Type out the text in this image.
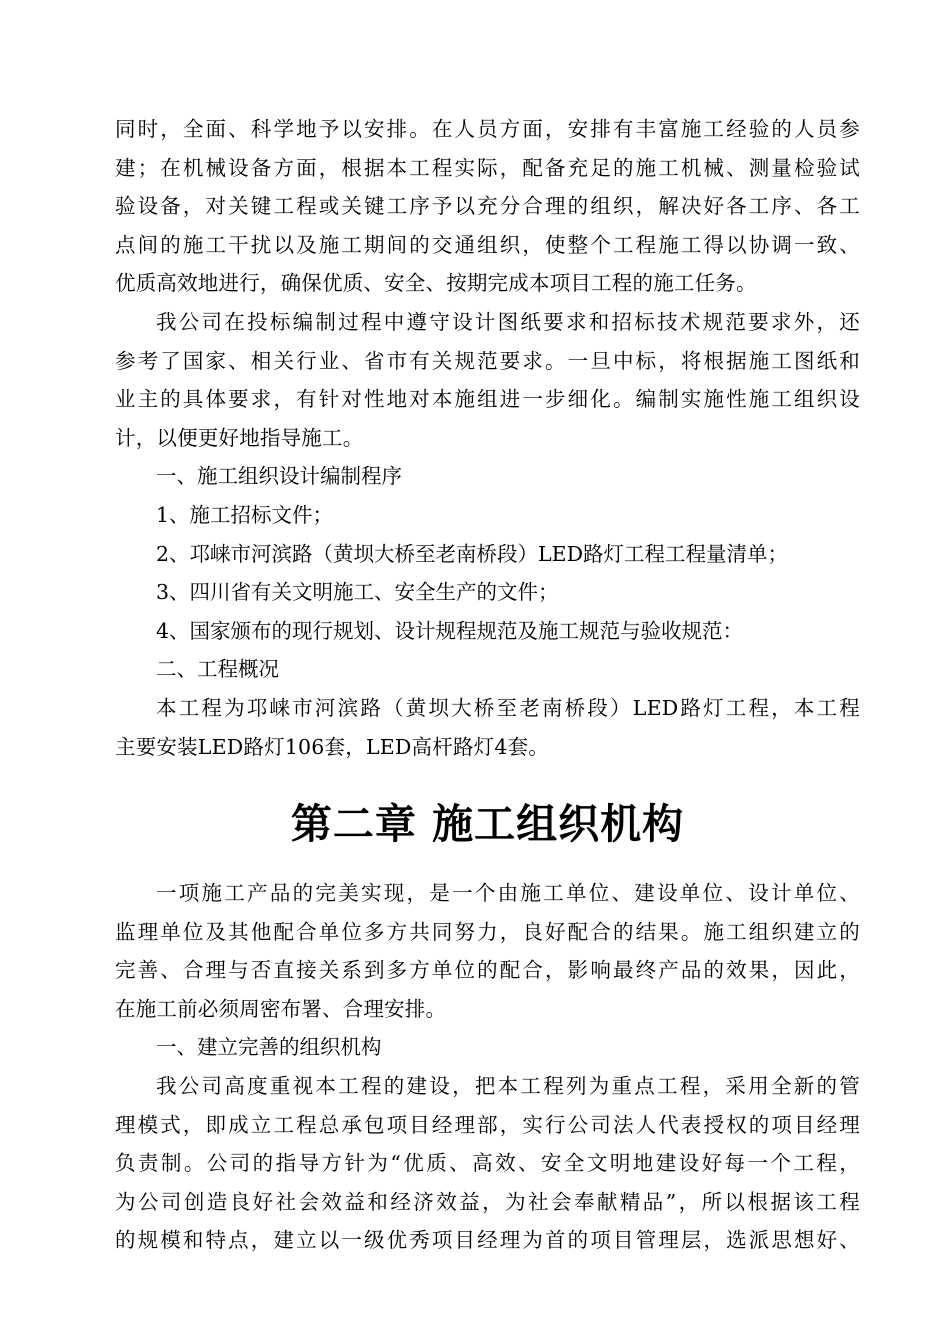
同时，全面、科学地予以安排。在人员方面，安排有丰富施工经验的人员参
建；在机械设备方面，根据本工程实际，配备充足的施工机械、测量检验试
验设备，对关键工程或关键工序予以充分合理的组织，解决好各工序、各工
点间的施工干扰以及施工期间的交通组织，使整个工程施工得以协调一致、
优质高效地进行，确保优质、安全、按期完成本项目工程的施工任务。
我公司在投标编制过程中遵守设计图纸要求和招标技术规范要求外，还
参考了国家、相关行业、省市有关规范要求。一旦中标，将根据施工图纸和
业主的具体要求，有针对性地对本施组进一步细化。编制实施性施工组织设
计，以便更好地指导施工。

一、施工组织设计编制程序

1、施工招标文件；

2、邛崃市河滨路（黄坝大桥至老南桥段）LED路灯工程工程量清单；

3、四川省有关文明施工、安全生产的文件；

4、国家颁布的现行规划、设计规程规范及施工规范与验收规范：

二、工程概况

本工程为邛崃市河滨路（黄坝大桥至老南桥段）LED路灯工程，本工程
主要安装LED路灯106套，LED高杆路灯4套。
第二章 施工组织机构
一项施工产品的完美实现，是一个由施工单位、建设单位、设计单位、
监理单位及其他配合单位多方共同努力，良好配合的结果。施工组织建立的
完善、合理与否直接关系到多方单位的配合，影响最终产品的效果，因此，
在施工前必须周密布署、合理安排。

一、建立完善的组织机构

我公司高度重视本工程的建设，把本工程列为重点工程，采用全新的管
理模式，即成立工程总承包项目经理部，实行公司法人代表授权的项目经理
负责制。公司的指导方针为“优质、高效、安全文明地建设好每一个工程，
为公司创造良好社会效益和经济效益，为社会奉献精品”，所以根据该工程
的规模和特点，建立以一级优秀项目经理为首的项目管理层，选派思想好、
